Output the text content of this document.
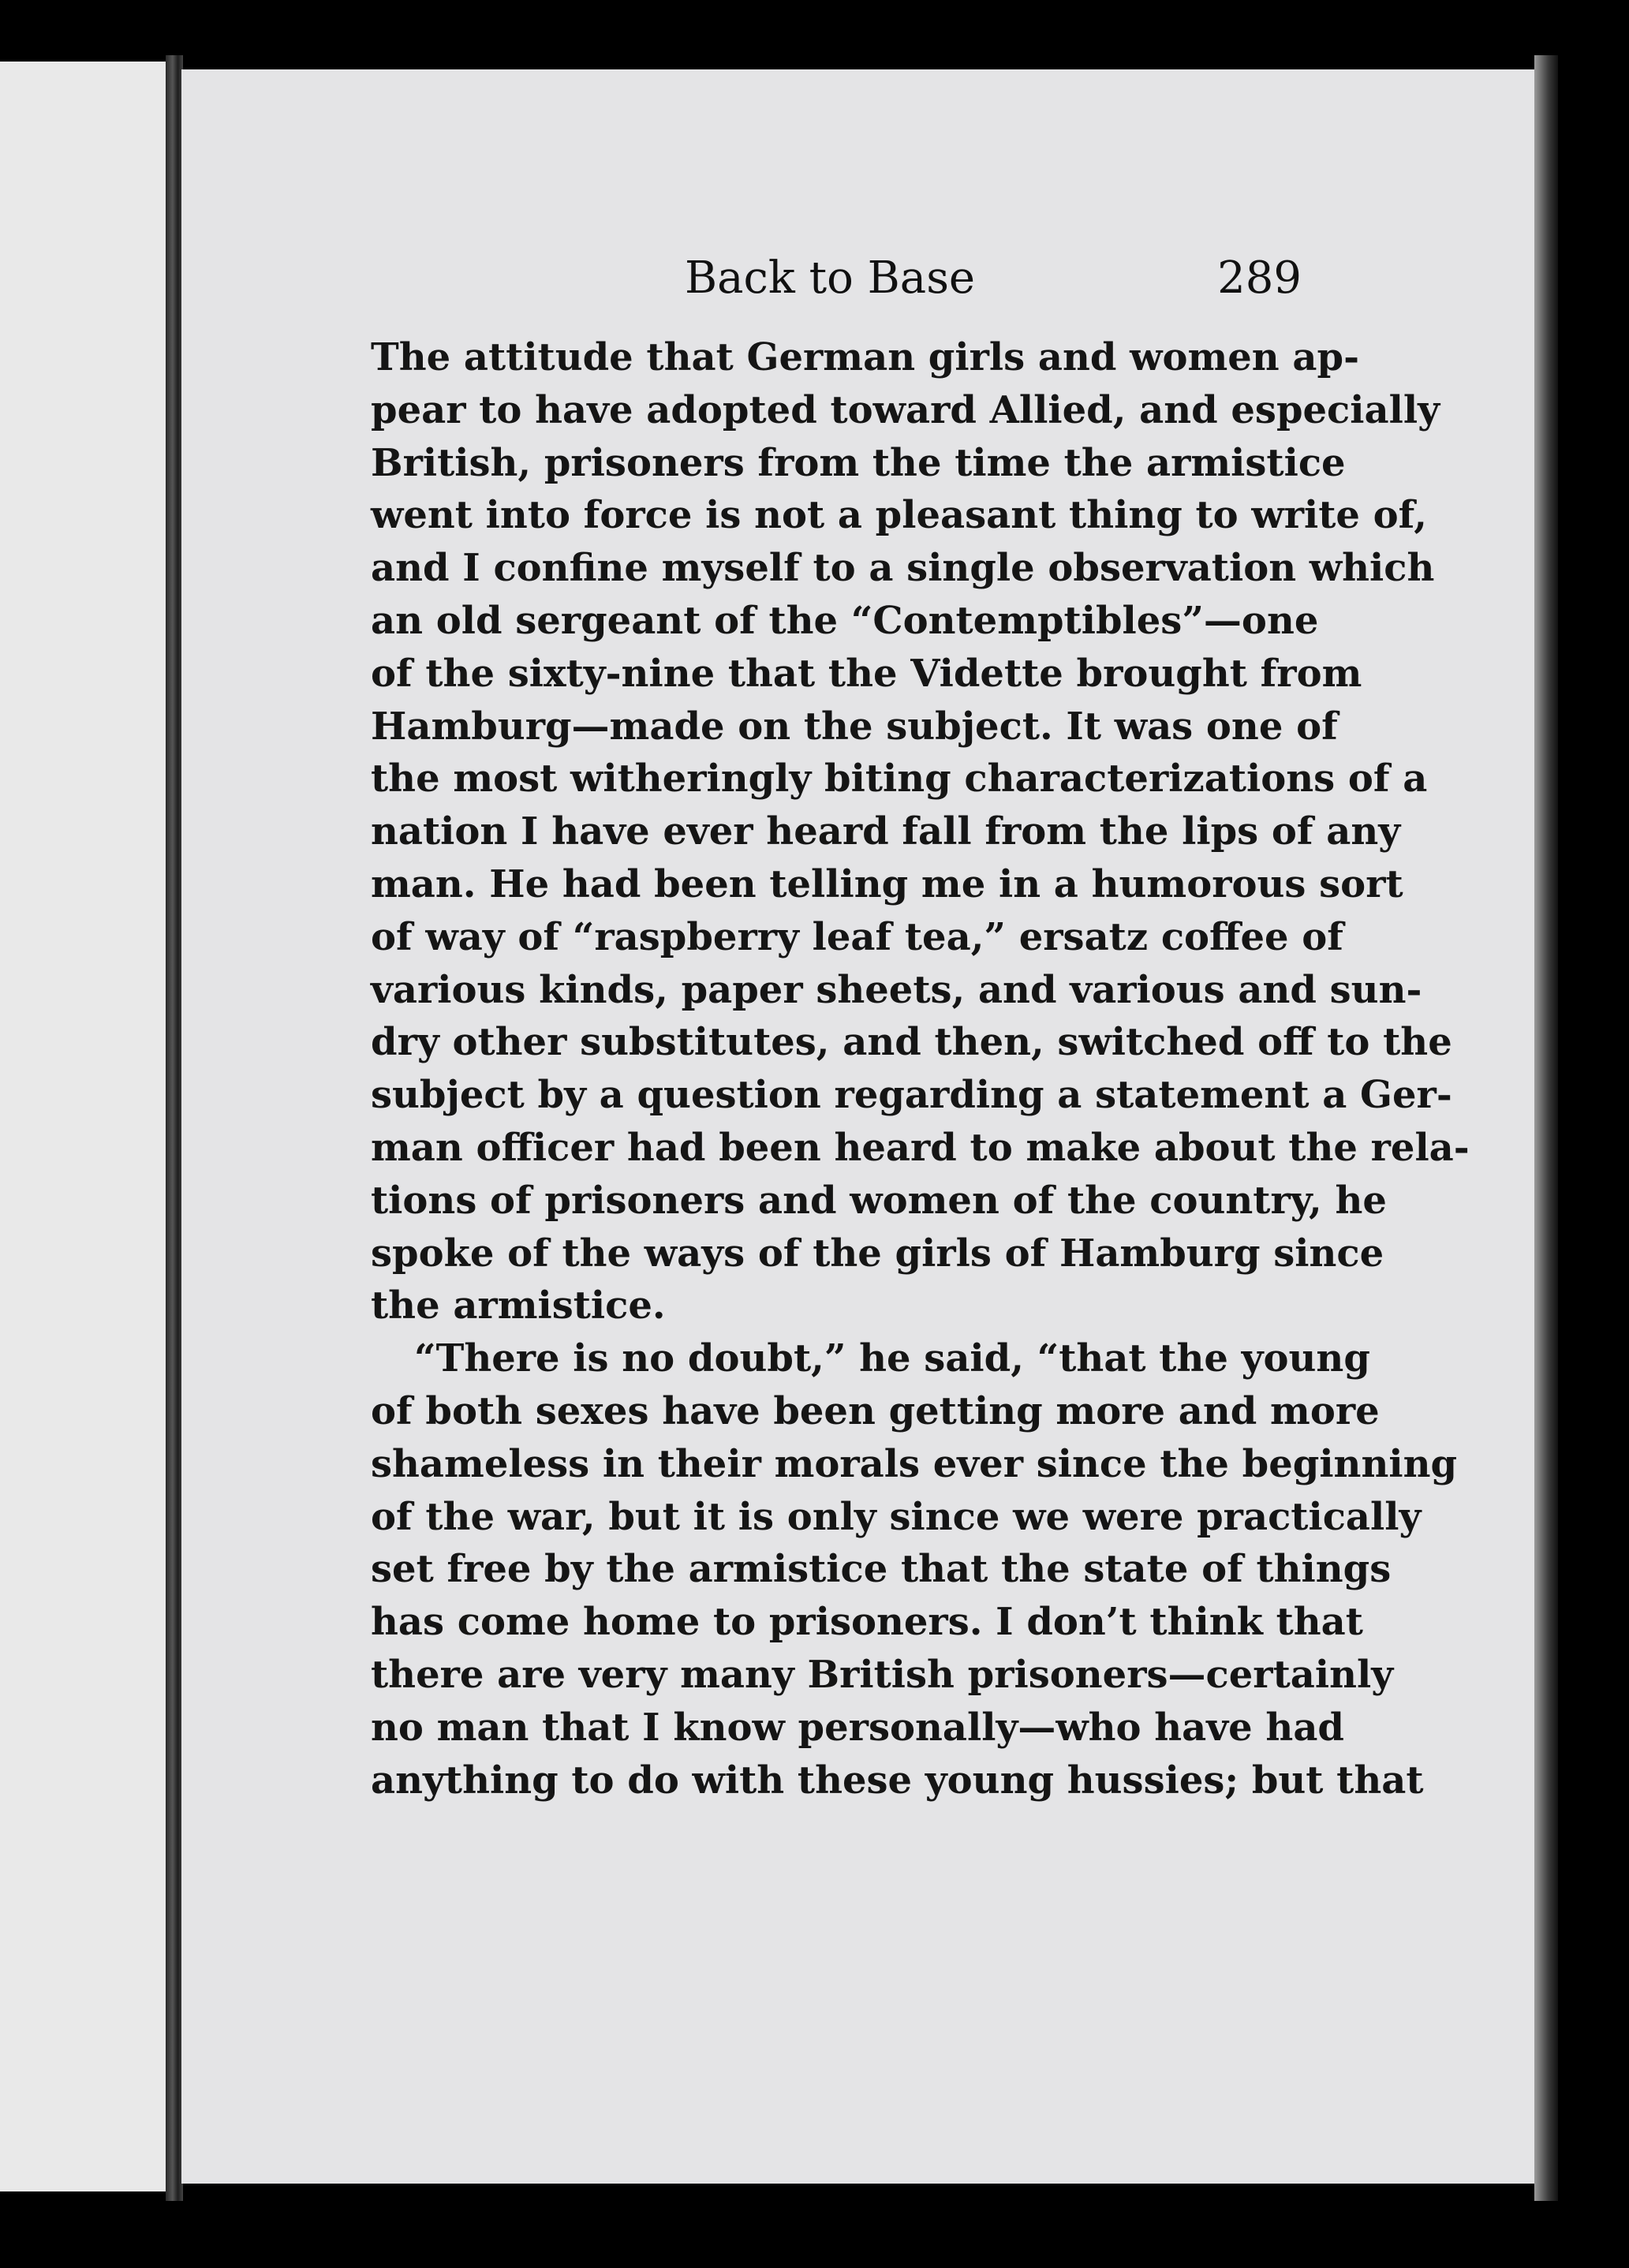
Back to Base	289
The attitude that German girls and women ap-
pear to have adopted toward Allied, and especially
British, prisoners from the time the armistice
went into force is not a pleasant thing to write of,
and I confine myself to a single observation which
an old sergeant of the “Contemptibles”—one
of the sixty-nine that the Vidette brought from
Hamburg—made on the subject. It was one of
the most witheringly biting characterizations of a
nation I have ever heard fall from the lips of any
man. He had been telling me in a humorous sort
of way of “raspberry leaf tea,” ersatz coffee of
various kinds, paper sheets, and various and sun-
dry other substitutes, and then, switched off to the
subject by a question regarding a statement a Ger-
man officer had been heard to make about the rela-
tions of prisoners and women of the country, he
spoke of the ways of the girls of Hamburg since
the armistice.
“There is no doubt,” he said, “that the young
of both sexes have been getting more and more
shameless in their morals ever since the beginning
of the war, but it is only since we were practically
set free by the armistice that the state of things
has come home to prisoners. I don’t think that
there are very many British prisoners—certainly
no man that I know personally—who have had
anything to do with these young hussies; but that
